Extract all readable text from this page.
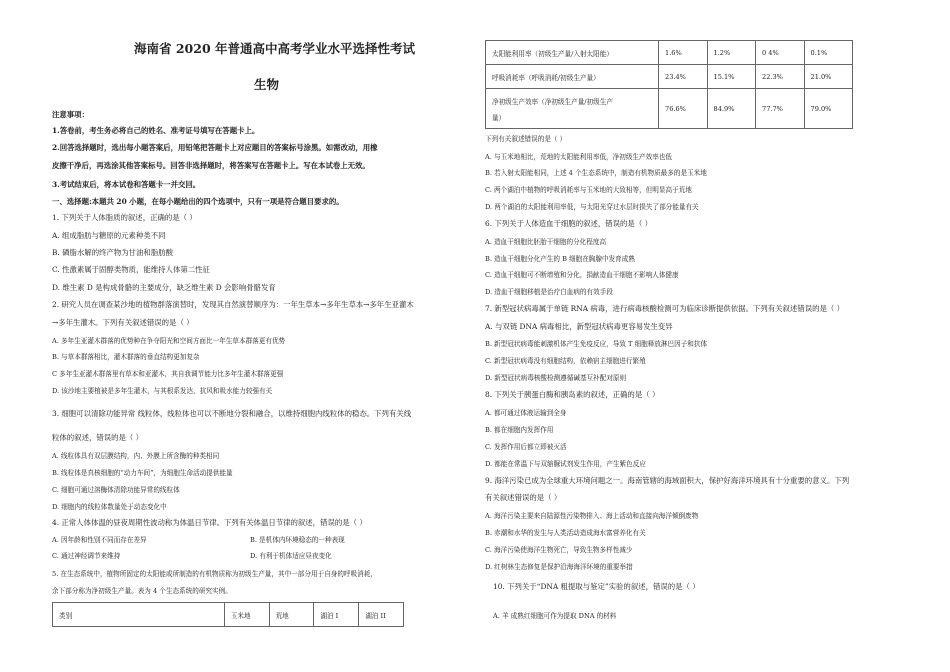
海南省 2020 年普通高中高考学业水平选择性考试
生物
注意事项：
1.答卷前，考生务必将自己的姓名、准考证号填写在答题卡上。
2.回答选择题时，选出每小题答案后，用铅笔把答题卡上对应题目的答案标号涂黑。如需改动，用橡
皮擦干净后，再选涂其他答案标号。回答非选择题时，将答案写在答题卡上。写在本试卷上无效。
3.考试结束后，将本试卷和答题卡一并交回。
一、选择题:本题共 20 小题，在每小题给出的四个选项中，只有一项是符合题目要求的。
1. 下列关于人体脂质的叙述，正确的是（ ）
A. 组成脂肪与糖原的元素种类不同
B. 磷脂水解的终产物为甘油和脂肪酸
C. 性激素属于固醇类物质，能维持人体第二性征
D. 维生素 D 是构成骨骼的主要成分，缺乏维生素 D 会影响骨骼发育
2. 研究人员在调查某沙地的植物群落演替时，发现其自然演替顺序为：一年生草本→多年生草本→多年生亚灌木
→多年生灌木。下列有关叙述错误的是（ ）
A. 多年生亚灌木群落的优势种在争夺阳光和空间方面比一年生草本群落更有优势
B. 与草本群落相比，灌木群落的垂直结构更加复杂
C 多年生亚灌木群落里有草本和亚灌木，其自我调节能力比多年生灌木群落更强
D. 该沙地主要植被是多年生灌木，与其根系发达，抗风和吸水能力较强有关
3. 细胞可以清除功能异常 线粒体，线粒体也可以不断地分裂和融合，以维持细胞内线粒体的稳态。下列有关线
粒体的叙述，错误的是（ ）
A. 线粒体具有双层膜结构，内、外膜上所含酶的种类相同
B. 线粒体是真核细胞的“动力车间”，为细胞生命活动提供能量
C. 细胞可通过溶酶体清除功能异常的线粒体
D. 细胞内的线粒体数量处于动态变化中
4. 正常人体体温的昼夜周期性波动称为体温日节律。下列有关体温日节律的叙述，错误的是（ ）
A. 因年龄和性别不同而存在差异	B. 是机体内环境稳态的一种表现
C. 通过神经调节来维持	D. 有利于机体适应昼夜变化
5. 在生态系统中，植物所固定的太阳能或所制造的有机物质称为初级生产量，其中一部分用于自身的呼吸消耗，
余下部分称为净初级生产量。表为 4 个生态系统的研究实例。
类别	玉米地	荒地	湖泊 I	湖泊 II
太阳能利用率（初级生产量/入射太阳能）	1.6%	1.2%	0 4%	0.1%
呼吸消耗率（呼吸消耗/初级生产量）	23.4%	15.1%	22.3%	21.0%

净初级生产效率（净初级生产量/初级生产
量）	76.6%	84.9%	77.7%	79.0%
下列有关叙述错误的是（ ）
A. 与玉米地相比，荒地的太阳能利用率低，净初级生产效率也低
B. 若入射太阳能相同，上述 4 个生态系统中，制造有机物质最多的是玉米地
C. 两个湖泊中植物的呼吸消耗率与玉米地的大致相等，但明显高于荒地
D. 两个湖泊的太阳能利用率低，与太阳光穿过水层时损失了部分能量有关
6. 下列关于人体造血干细胞的叙述，错误的是（ ）
A. 造血干细胞比胚胎干细胞的分化程度高
B. 造血干细胞分化产生的 B 细胞在胸腺中发育成熟
C. 造血干细胞可不断增殖和分化，捐献造血干细胞不影响人体健康
D. 造血干细胞移植是治疗白血病的有效手段
7. 新型冠状病毒属于单链 RNA 病毒，进行病毒核酸检测可为临床诊断提供依据。下列有关叙述错误的是（ ）
A. 与双链 DNA 病毒相比，新型冠状病毒更容易发生变异
B. 新型冠状病毒能刺激机体产生免疫反应，导致 T 细胞释放淋巴因子和抗体
C. 新型冠状病毒没有细胞结构，依赖宿主细胞进行繁殖
D. 新型冠状病毒核酸检测遵循碱基互补配对原则
8. 下列关于胰蛋白酶和胰岛素的叙述，正确的是（ ）
A. 都可通过体液运输到全身
B. 都在细胞内发挥作用
C. 发挥作用后都立即被灭活
D. 都能在常温下与双缩脲试剂发生作用，产生紫色反应
9. 海洋污染已成为全球重大环境问题之一。海南管辖的海域面积大，保护好海洋环境具有十分重要的意义。下列
有关叙述错误的是（ ）
A. 海洋污染主要来自陆源性污染物排入、海上活动和直接向海洋倾倒废物
B. 赤潮和水华的发生与人类活动造成海水富营养化有关
C. 海洋污染使海洋生物死亡，导致生物多样性减少
D. 红树林生态修复是保护沿海海洋环境的重要举措
10. 下列关于“DNA 粗提取与鉴定”实验的叙述，错误的是（ ）
A. 羊 成熟红细胞可作为提取 DNA 的材料
